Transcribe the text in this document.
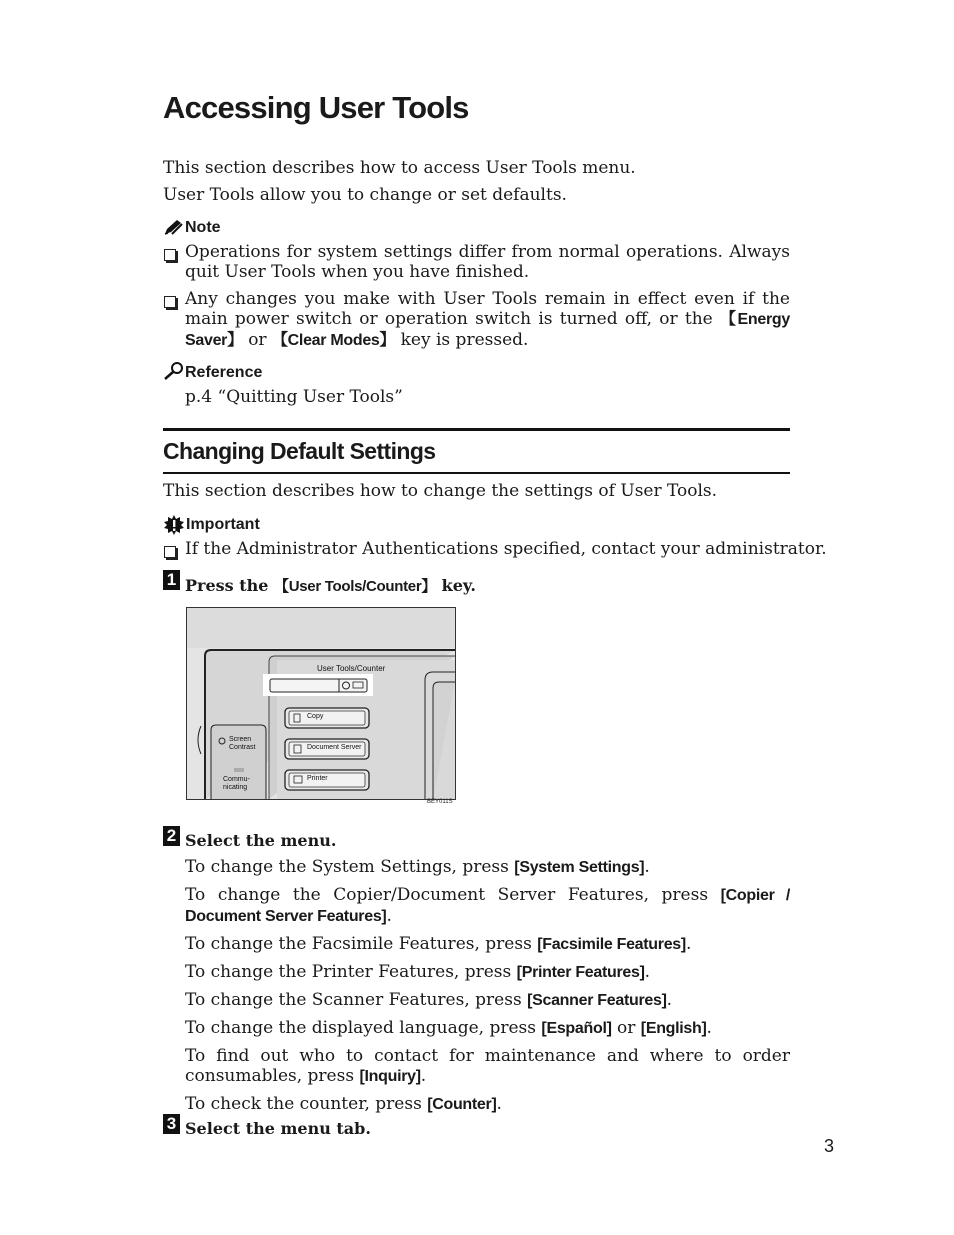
Accessing User Tools
This section describes how to access User Tools menu.
User Tools allow you to change or set defaults.
Note
Operations for system settings differ from normal operations. Always quit User Tools when you have finished.
Any changes you make with User Tools remain in effect even if the main power switch or operation switch is turned off, or the 【Energy Saver】 or 【Clear Modes】 key is pressed.
Reference
p.4 “Quitting User Tools”
Changing Default Settings
This section describes how to change the settings of User Tools.
Important
If the Administrator Authentications specified, contact your administrator.
1 Press the 【User Tools/Counter】 key.
User Tools/Counter
Copy
Document Server
Printer
Screen
Contrast
Commu-
nicating
BEY011S
2 Select the menu.
To change the System Settings, press [System Settings].
To change the Copier/Document Server Features, press [Copier / Document Server Features].
To change the Facsimile Features, press [Facsimile Features].
To change the Printer Features, press [Printer Features].
To change the Scanner Features, press [Scanner Features].
To change the displayed language, press [Español] or [English].
To find out who to contact for maintenance and where to order consumables, press [Inquiry].
To check the counter, press [Counter].
3 Select the menu tab.
3
